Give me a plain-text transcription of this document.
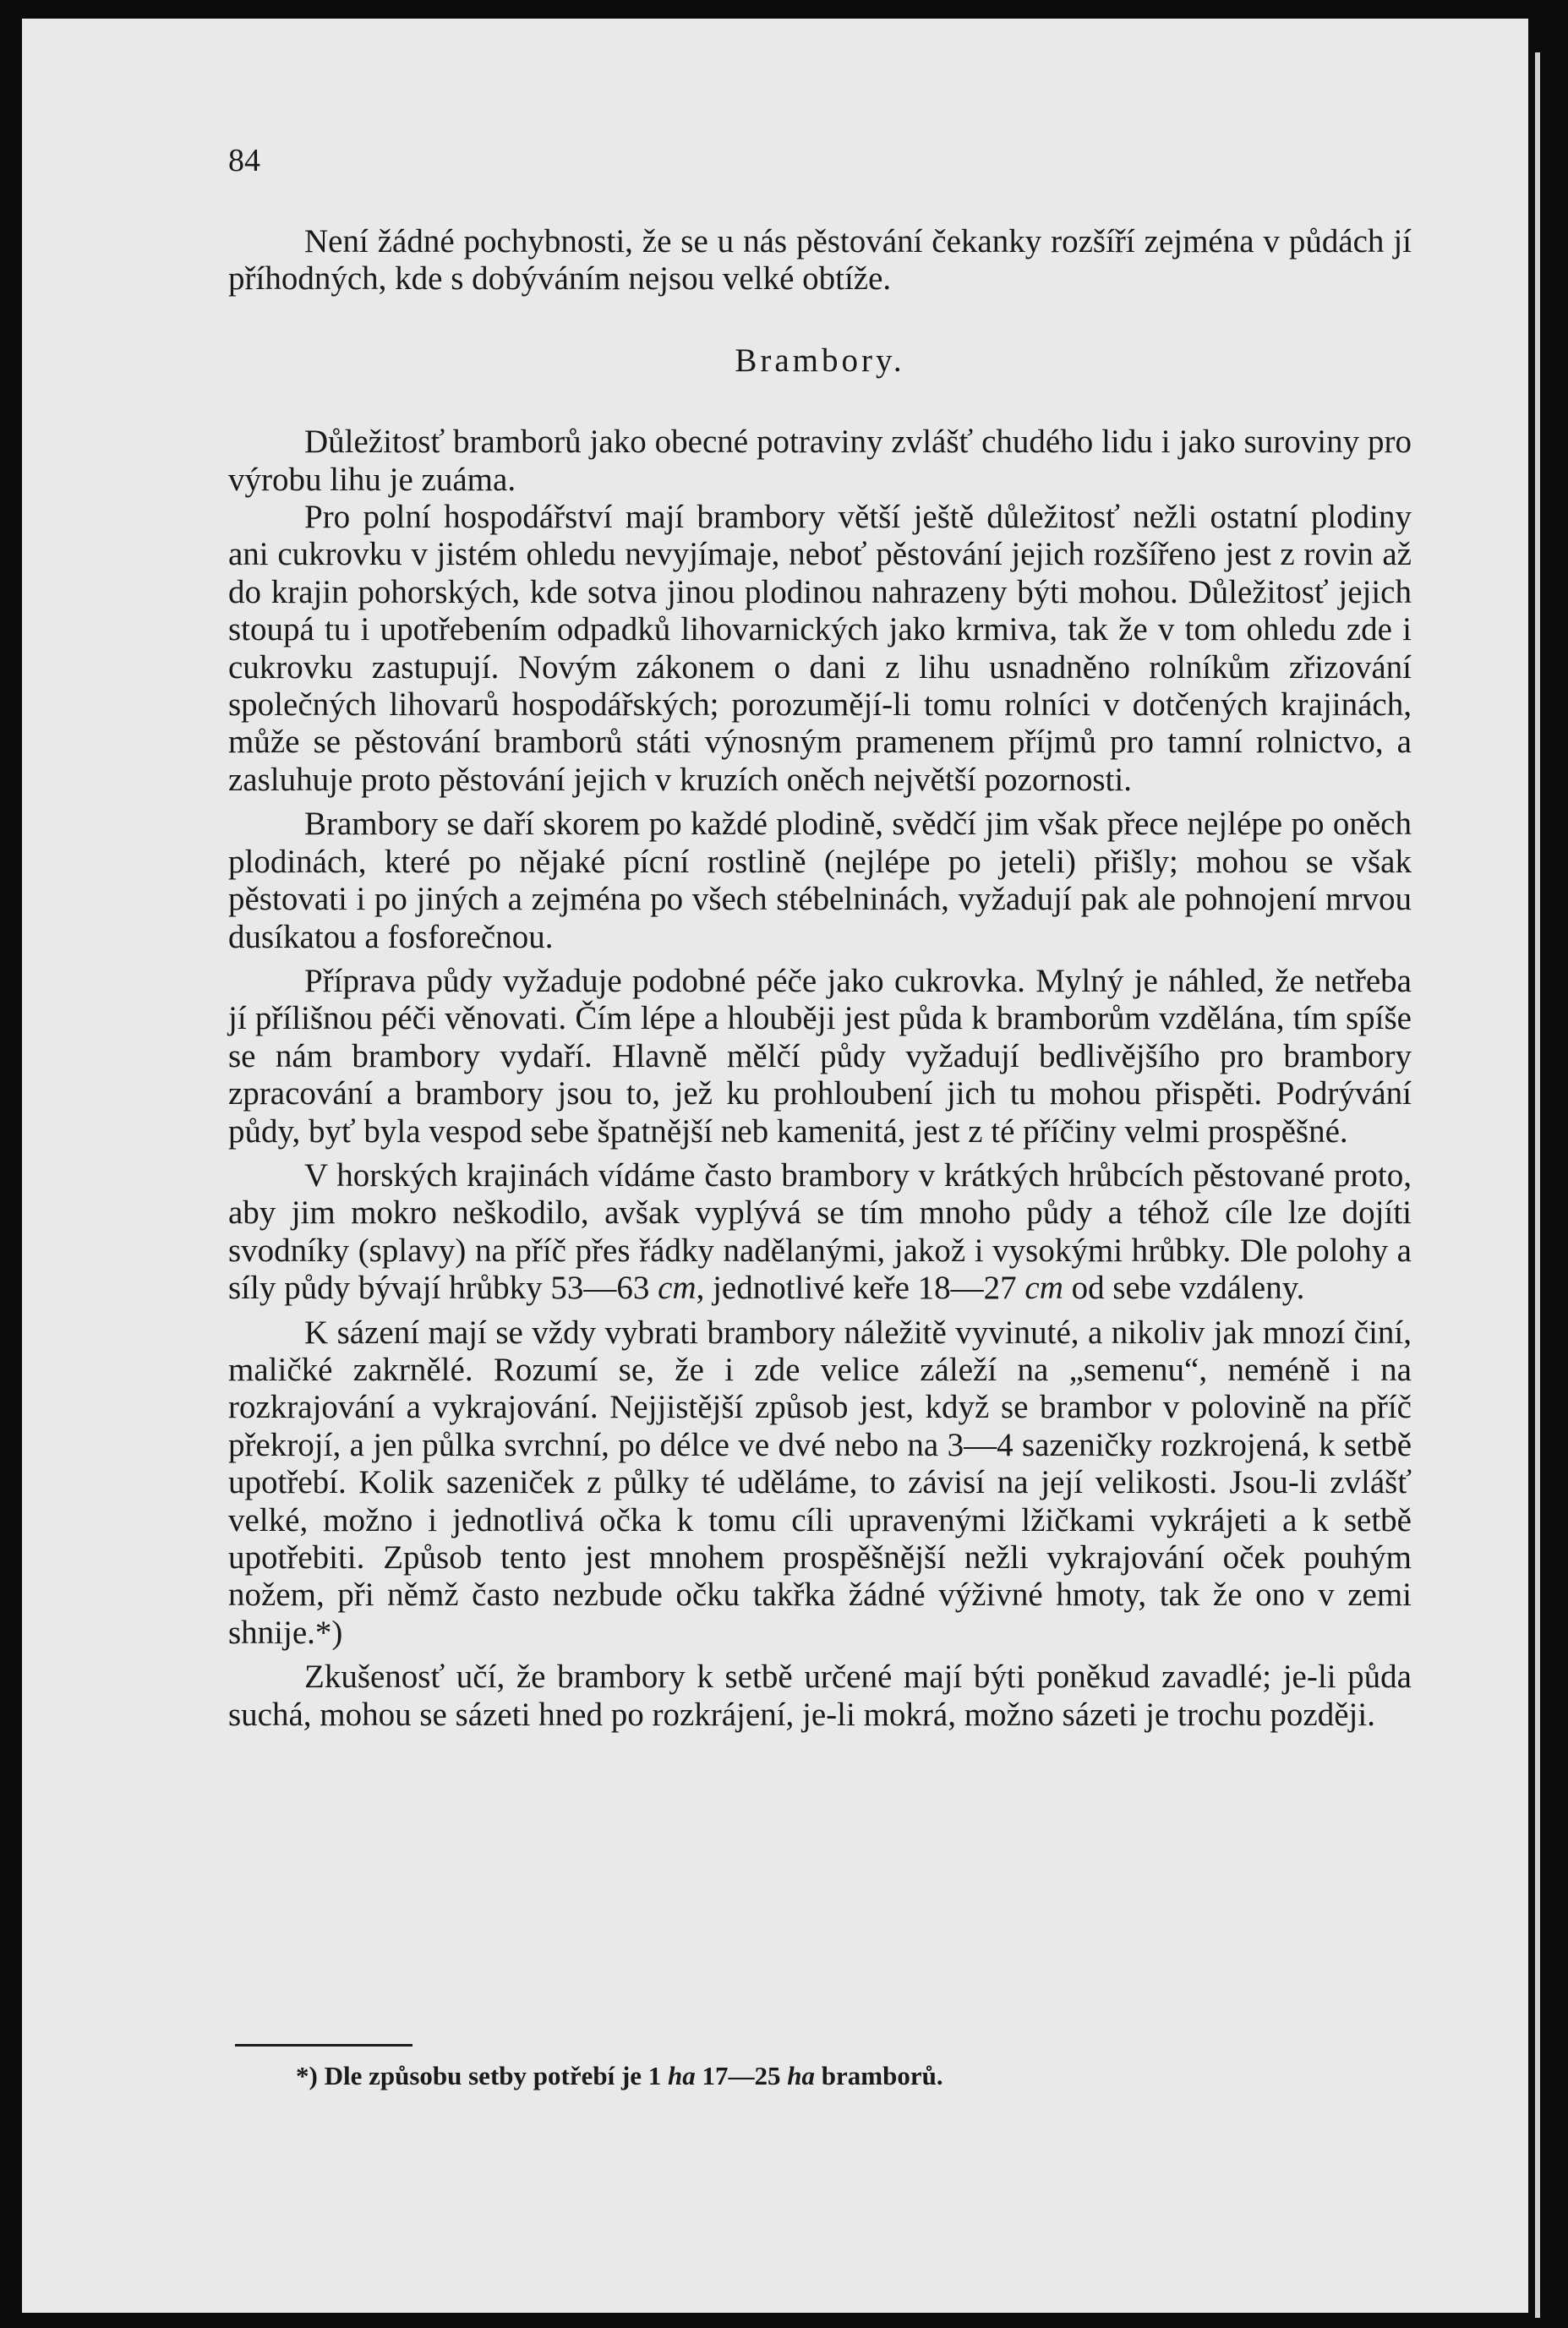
84

Není žádné pochybnosti, že se u nás pěstování čekanky rozšíří zejména v půdách jí příhodných, kde s dobýváním nejsou velké obtíže.

Brambory.

Důležitosť bramborů jako obecné potraviny zvlášť chudého lidu i jako suroviny pro výrobu lihu je zuáma.

Pro polní hospodářství mají brambory větší ještě důležitosť nežli ostatní plodiny ani cukrovku v jistém ohledu nevyjímaje, neboť pěstování jejich rozšířeno jest z rovin až do krajin pohorských, kde sotva jinou plodinou nahrazeny býti mohou. Důležitosť jejich stoupá tu i upotřebením odpadků lihovarnických jako krmiva, tak že v tom ohledu zde i cukrovku zastupují. Novým zákonem o dani z lihu usnadněno rolníkům zřizování společných lihovarů hospodářských; porozumějí-li tomu rolníci v dotčených krajinách, může se pěstování bramborů státi výnosným pramenem příjmů pro tamní rolnictvo, a zasluhuje proto pěstování jejich v kruzích oněch největší pozornosti.

Brambory se daří skorem po každé plodině, svědčí jim však přece nejlépe po oněch plodinách, které po nějaké pícní rostlině (nejlépe po jeteli) přišly; mohou se však pěstovati i po jiných a zejména po všech stébelninách, vyžadují pak ale pohnojení mrvou dusíkatou a fosforečnou.

Příprava půdy vyžaduje podobné péče jako cukrovka. Mylný je náhled, že netřeba jí přílišnou péči věnovati. Čím lépe a hlouběji jest půda k bramborům vzdělána, tím spíše se nám brambory vydaří. Hlavně mělčí půdy vyžadují bedlivějšího pro brambory zpracování a brambory jsou to, jež ku prohloubení jich tu mohou přispěti. Podrývání půdy, byť byla vespod sebe špatnější neb kamenitá, jest z té příčiny velmi prospěšné.

V horských krajinách vídáme často brambory v krátkých hrůbcích pěstované proto, aby jim mokro neškodilo, avšak vyplývá se tím mnoho půdy a téhož cíle lze dojíti svodníky (splavy) na příč přes řádky nadělanými, jakož i vysokými hrůbky. Dle polohy a síly půdy bývají hrůbky 53—63 cm, jednotlivé keře 18—27 cm od sebe vzdáleny.

K sázení mají se vždy vybrati brambory náležitě vyvinuté, a nikoliv jak mnozí činí, maličké zakrnělé. Rozumí se, že i zde velice záleží na „semenu“, neméně i na rozkrajování a vykrajování. Nejjistější způsob jest, když se brambor v polovině na příč překrojí, a jen půlka svrchní, po délce ve dvé nebo na 3—4 sazeničky rozkrojená, k setbě upotřebí. Kolik sazeniček z půlky té uděláme, to závisí na její velikosti. Jsou-li zvlášť velké, možno i jednotlivá očka k tomu cíli upravenými lžičkami vykrájeti a k setbě upotřebiti. Způsob tento jest mnohem prospěšnější nežli vykrajování oček pouhým nožem, při němž často nezbude očku takřka žádné výživné hmoty, tak že ono v zemi shnije.*)

Zkušenosť učí, že brambory k setbě určené mají býti poněkud zavadlé; je-li půda suchá, mohou se sázeti hned po rozkrájení, je-li mokrá, možno sázeti je trochu později.

*) Dle způsobu setby potřebí je 1 ha 17—25 ha bramborů.
